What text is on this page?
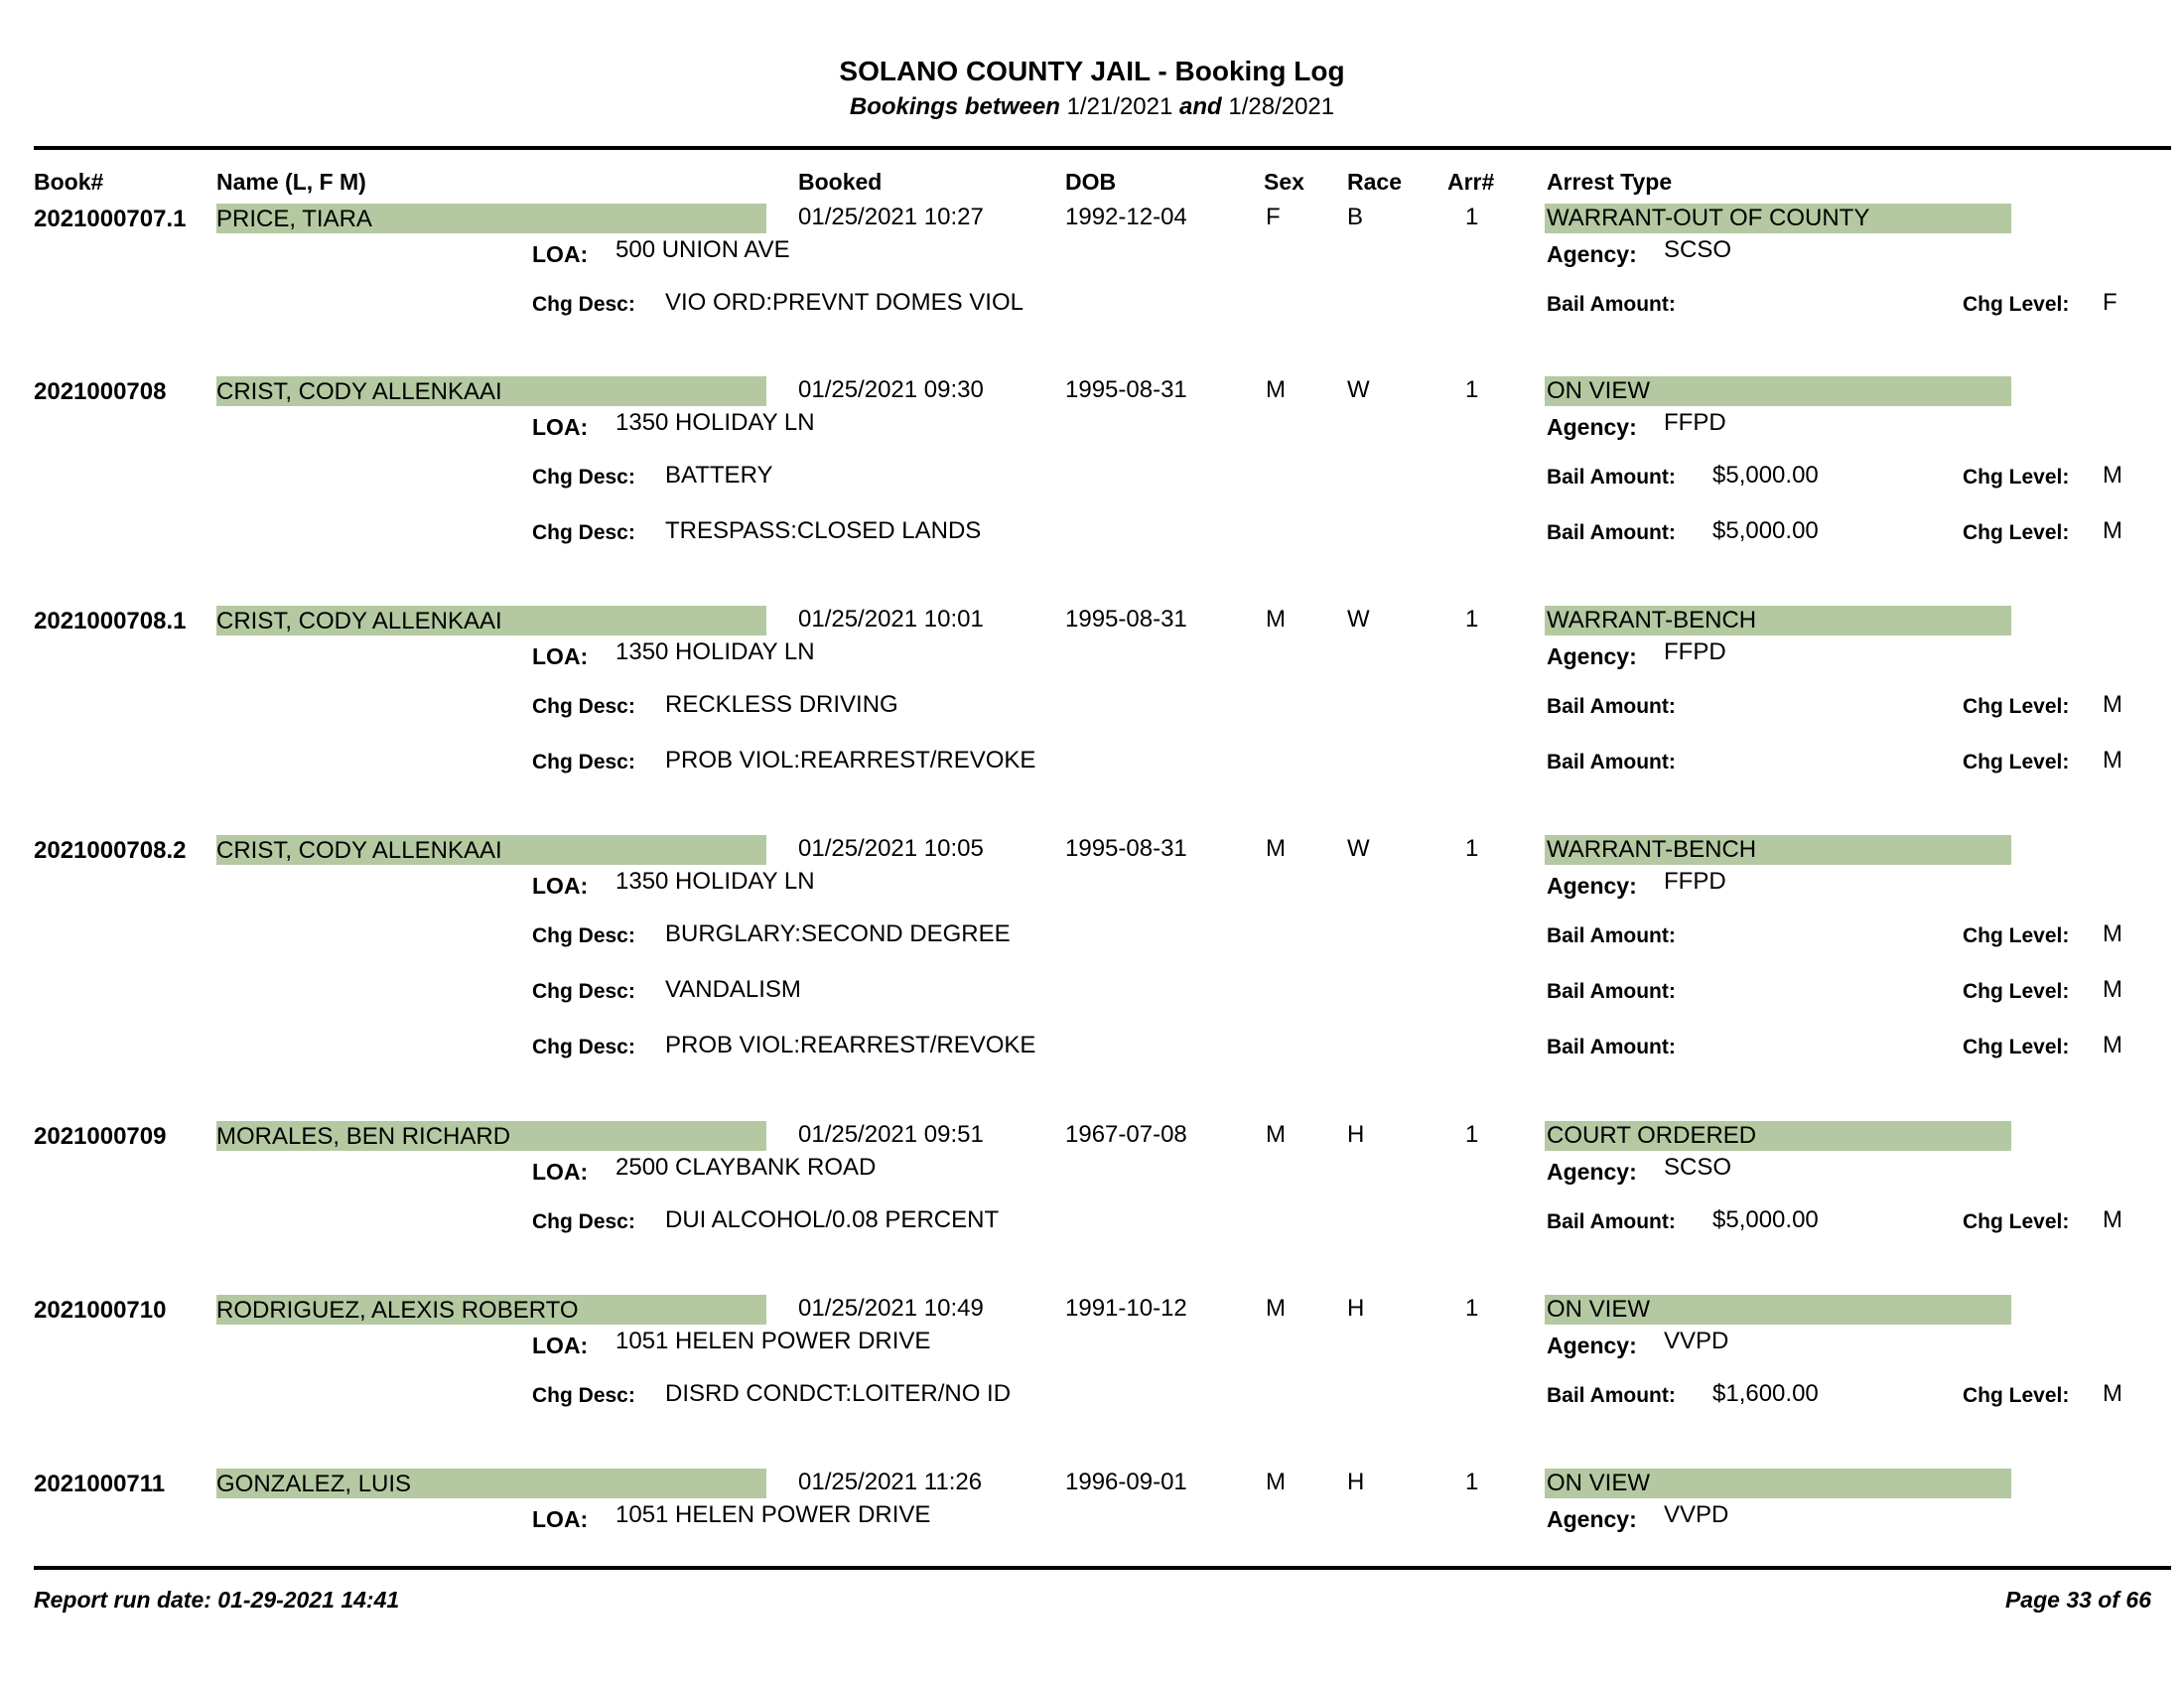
SOLANO COUNTY JAIL - Booking Log
Bookings between 1/21/2021 and 1/28/2021
Book#	Name (L, F M)	Booked	DOB	Sex Race Arr# Arrest Type
2021000707.1 PRICE, TIARA	01/25/2021 10:27	1992-12-04	F	B	1	WARRANT-OUT OF COUNTY
LOA: 500 UNION AVE	Agency: SCSO
Chg Desc: VIO ORD:PREVNT DOMES VIOL	Bail Amount:	Chg Level: F
2021000708 CRIST, CODY ALLENKAAI	01/25/2021 09:30	1995-08-31	M	W	1	ON VIEW
LOA: 1350 HOLIDAY LN	Agency: FFPD
Chg Desc: BATTERY	Bail Amount: $5,000.00	Chg Level: M
Chg Desc: TRESPASS:CLOSED LANDS	Bail Amount: $5,000.00	Chg Level: M
2021000708.1 CRIST, CODY ALLENKAAI	01/25/2021 10:01	1995-08-31	M	W	1	WARRANT-BENCH
LOA: 1350 HOLIDAY LN	Agency: FFPD
Chg Desc: RECKLESS DRIVING	Bail Amount:	Chg Level: M
Chg Desc: PROB VIOL:REARREST/REVOKE	Bail Amount:	Chg Level: M
2021000708.2 CRIST, CODY ALLENKAAI	01/25/2021 10:05	1995-08-31	M	W	1	WARRANT-BENCH
LOA: 1350 HOLIDAY LN	Agency: FFPD
Chg Desc: BURGLARY:SECOND DEGREE	Bail Amount:	Chg Level: M
Chg Desc: VANDALISM	Bail Amount:	Chg Level: M
Chg Desc: PROB VIOL:REARREST/REVOKE	Bail Amount:	Chg Level: M
2021000709 MORALES, BEN RICHARD	01/25/2021 09:51	1967-07-08	M	H	1	COURT ORDERED
LOA: 2500 CLAYBANK ROAD	Agency: SCSO
Chg Desc: DUI ALCOHOL/0.08 PERCENT	Bail Amount: $5,000.00	Chg Level: M
2021000710 RODRIGUEZ, ALEXIS ROBERTO	01/25/2021 10:49	1991-10-12	M	H	1	ON VIEW
LOA: 1051 HELEN POWER DRIVE	Agency: VVPD
Chg Desc: DISRD CONDCT:LOITER/NO ID	Bail Amount: $1,600.00	Chg Level: M
2021000711 GONZALEZ, LUIS	01/25/2021 11:26	1996-09-01	M	H	1	ON VIEW
LOA: 1051 HELEN POWER DRIVE	Agency: VVPD
Report run date: 01-29-2021 14:41	Page 33 of 66
